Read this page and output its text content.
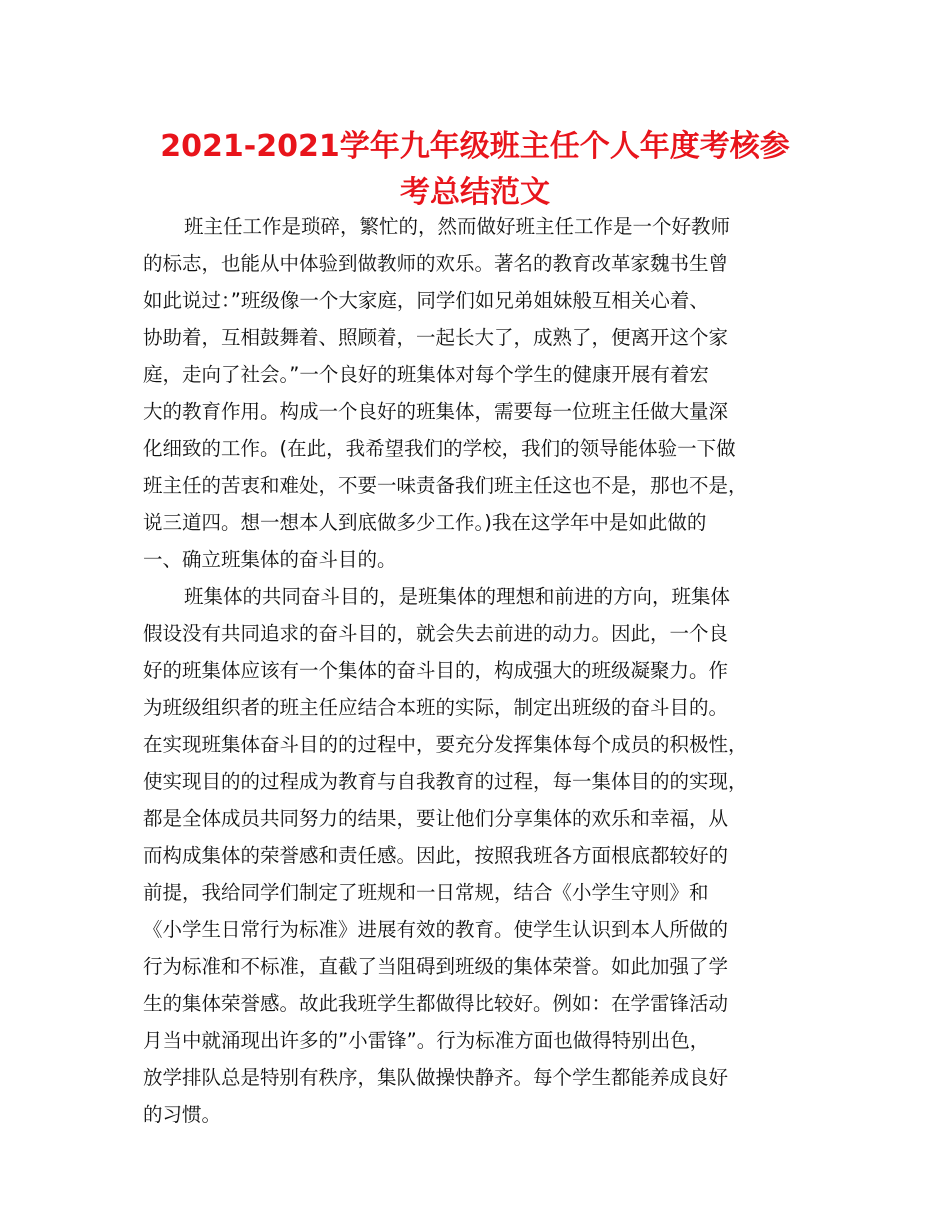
2021-2021学年九年级班主任个人年度考核参
考总结范文
班主任工作是琐碎，繁忙的，然而做好班主任工作是一个好教师
的标志，也能从中体验到做教师的欢乐。著名的教育改革家魏书生曾
如此说过：”班级像一个大家庭，同学们如兄弟姐妹般互相关心着、
协助着，互相鼓舞着、照顾着，一起长大了，成熟了，便离开这个家
庭，走向了社会。”一个良好的班集体对每个学生的健康开展有着宏
大的教育作用。构成一个良好的班集体，需要每一位班主任做大量深
化细致的工作。(在此，我希望我们的学校，我们的领导能体验一下做
班主任的苦衷和难处，不要一味责备我们班主任这也不是，那也不是，
说三道四。想一想本人到底做多少工作。)我在这学年中是如此做的
一、确立班集体的奋斗目的。
班集体的共同奋斗目的，是班集体的理想和前进的方向，班集体
假设没有共同追求的奋斗目的，就会失去前进的动力。因此，一个良
好的班集体应该有一个集体的奋斗目的，构成强大的班级凝聚力。作
为班级组织者的班主任应结合本班的实际，制定出班级的奋斗目的。
在实现班集体奋斗目的的过程中，要充分发挥集体每个成员的积极性，
使实现目的的过程成为教育与自我教育的过程，每一集体目的的实现，
都是全体成员共同努力的结果，要让他们分享集体的欢乐和幸福，从
而构成集体的荣誉感和责任感。因此，按照我班各方面根底都较好的
前提，我给同学们制定了班规和一日常规，结合《小学生守则》和
《小学生日常行为标准》进展有效的教育。使学生认识到本人所做的
行为标准和不标准，直截了当阻碍到班级的集体荣誉。如此加强了学
生的集体荣誉感。故此我班学生都做得比较好。例如：在学雷锋活动
月当中就涌现出许多的”小雷锋”。行为标准方面也做得特别出色，
放学排队总是特别有秩序，集队做操快静齐。每个学生都能养成良好
的习惯。
